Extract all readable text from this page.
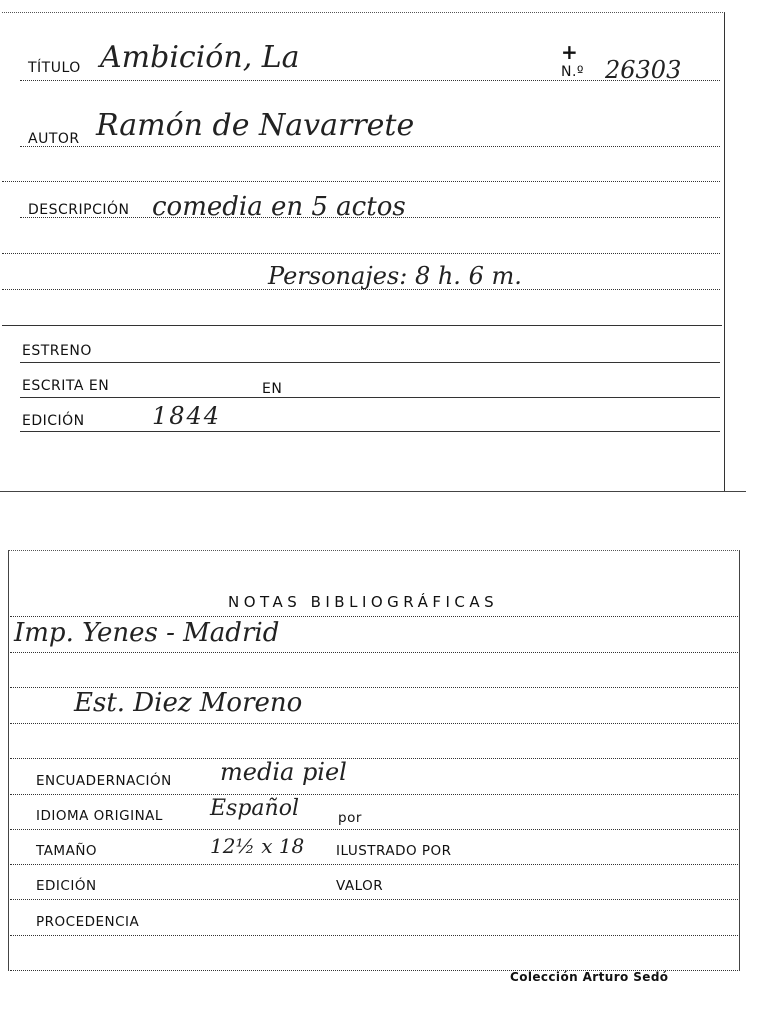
+
N.º 26303
TÍTULO Ambición, La
AUTOR Ramón de Navarrete
DESCRIPCIÓN comedia en 5 actos
Personajes: 8 h. 6 m.
ESTRENO
ESCRITA EN	EN
EDICIÓN	1844
NOTAS BIBLIOGRÁFICAS
Imp. Yenes - Madrid
Est. Diez Moreno
ENCUADERNACIÓN media piel
IDIOMA ORIGINAL Español	por
TAMAÑO	12½ x 18 ILUSTRADO POR
EDICIÓN	VALOR
PROCEDENCIA
Colección Arturo Sedó
